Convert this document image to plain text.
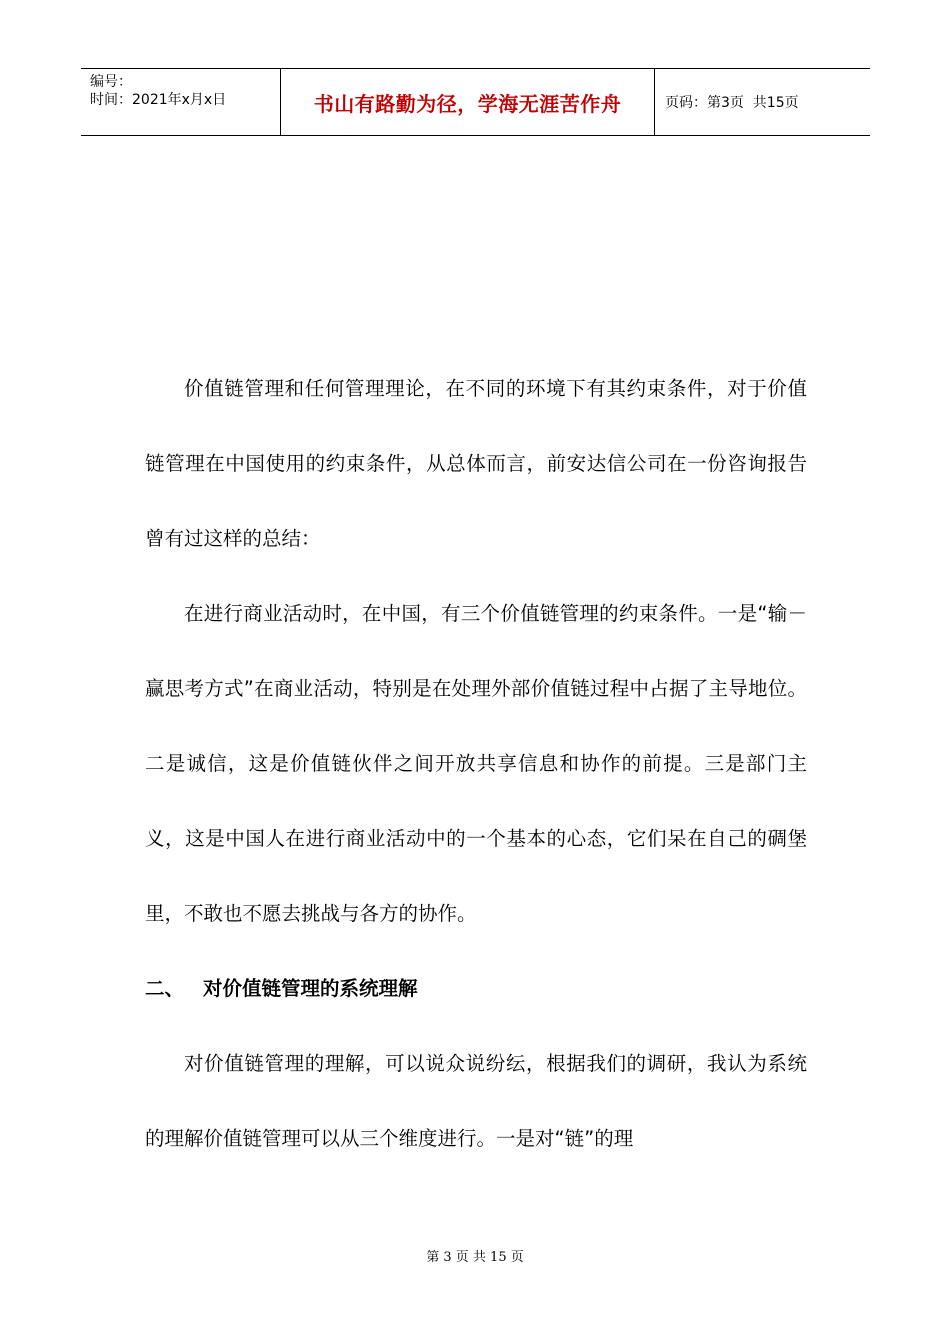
编号：
时间：2021年x月x日	书山有路勤为径，学海无涯苦作舟	页码：第3页  共15页

价值链管理和任何管理理论，在不同的环境下有其约束条件，对于价值链管理在中国使用的约束条件，从总体而言，前安达信公司在一份咨询报告曾有过这样的总结：

在进行商业活动时，在中国，有三个价值链管理的约束条件。一是“输－赢思考方式”在商业活动，特别是在处理外部价值链过程中占据了主导地位。二是诚信，这是价值链伙伴之间开放共享信息和协作的前提。三是部门主义，这是中国人在进行商业活动中的一个基本的心态，它们呆在自己的碉堡里，不敢也不愿去挑战与各方的协作。

二、 对价值链管理的系统理解

对价值链管理的理解，可以说众说纷纭，根据我们的调研，我认为系统的理解价值链管理可以从三个维度进行。一是对“链”的理

第 3 页 共 15 页
